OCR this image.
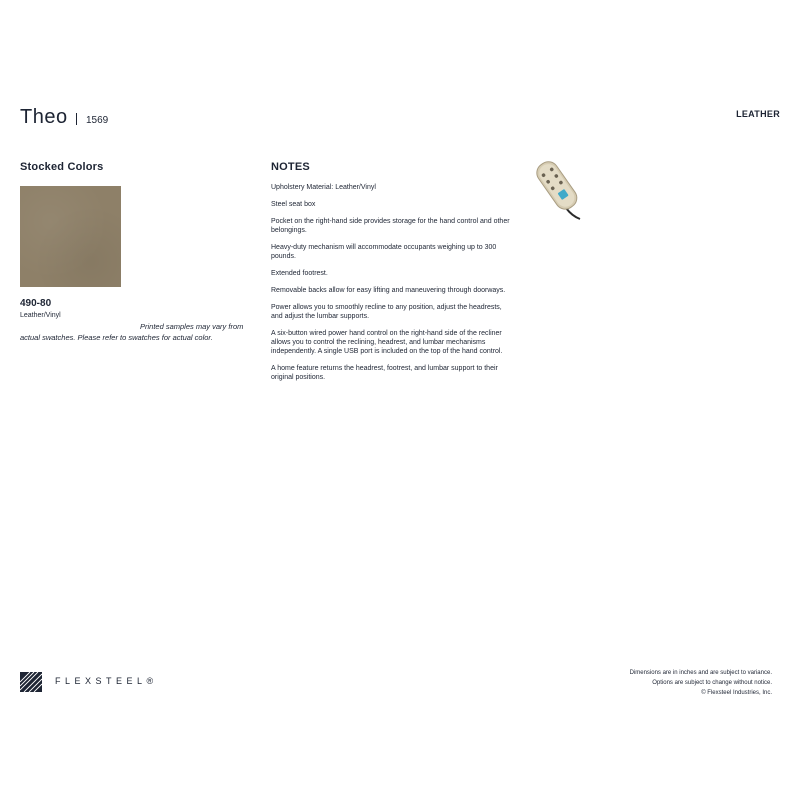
Theo 1569
LEATHER
Stocked Colors
490-80
Leather/Vinyl
Printed samples may vary from actual swatches. Please refer to swatches for actual color.
NOTES
Upholstery Material: Leather/Vinyl
Steel seat box
Pocket on the right-hand side provides storage for the hand control and other belongings.
Heavy-duty mechanism will accommodate occupants weighing up to 300 pounds.
Extended footrest.
Removable backs allow for easy lifting and maneuvering through doorways.
Power allows you to smoothly recline to any position, adjust the headrests, and adjust the lumbar supports.
A six-button wired power hand control on the right-hand side of the recliner allows you to control the reclining, headrest, and lumbar mechanisms independently. A single USB port is included on the top of the hand control.
A home feature returns the headrest, footrest, and lumbar support to their original positions.
FLEXSTEEL®
Dimensions are in inches and are subject to variance.
Options are subject to change without notice.
© Flexsteel Industries, Inc.
